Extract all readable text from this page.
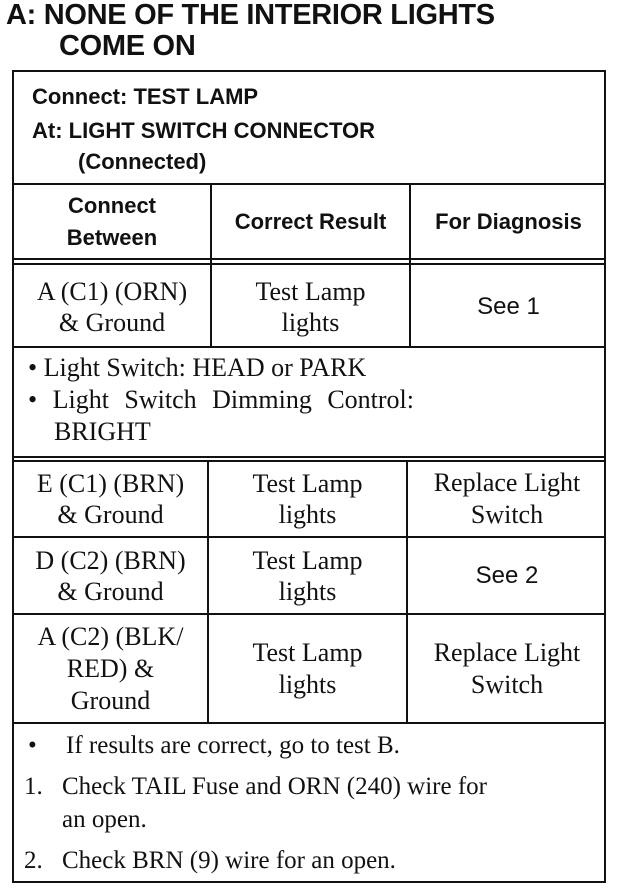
A: NONE OF THE INTERIOR LIGHTS
COME ON
Connect: TEST LAMP
At: LIGHT SWITCH CONNECTOR
(Connected)
Connect
Between
Correct Result	For Diagnosis
A (C1) (ORN)
& Ground
Test Lamp
lights
See 1
• Light Switch: HEAD or PARK
• Light Switch Dimming Control:
BRIGHT
E (C1) (BRN)
& Ground
Test Lamp
lights
Replace Light
Switch
D (C2) (BRN)
& Ground
Test Lamp
lights
See 2
A (C2) (BLK/
RED) &
Ground
Test Lamp
lights
Replace Light
Switch
•	If results are correct, go to test B.
1. Check TAIL Fuse and ORN (240) wire for
an open.
2. Check BRN (9) wire for an open.
